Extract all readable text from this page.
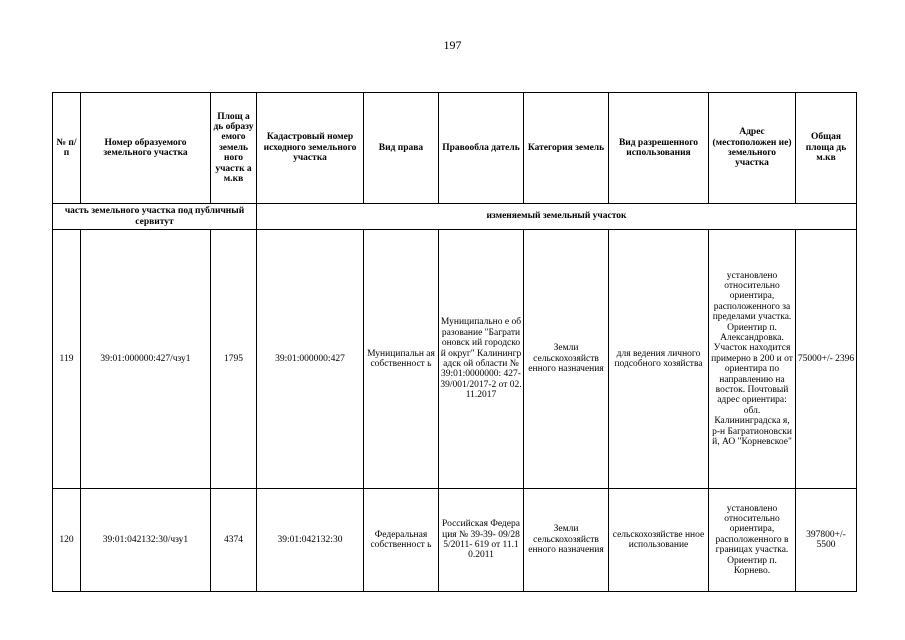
197
№ п/п	Номер образуемого земельного участка	Площ а дь образу емого земель ного участк а м.кв	Кадастровый номер исходного земельного участка	Вид права	Правообла датель	Категория земель	Вид разрешенного использования	Адрес (местоположен ие) земельного участка	Общая площа дь м.кв
часть земельного участка под публичный сервитут			изменяемый земельный участок						
119	39:01:000000:427/чзу1	1795	39:01:000000:427	Муниципальн ая собственност ь	Муниципально е образование "Багратионовск ий городской округ" Калининградск ой области № 39:01:0000000: 427- 39/001/2017-2 от 02.11.2017	Земли сельскохозяйств енного назначения	для ведения личного подсобного хозяйства	установлено относительно ориентира, расположенного за пределами участка. Ориентир п. Александровка. Участок находится примерно в 200 и от ориентира по направлению на восток. Почтовый адрес ориентира: обл. Калининградска я, р-н Багратионовски й, АО "Корневское"	75000+/- 2396
120	39:01:042132:30/чзу1	4374	39:01:042132:30	Федеральная собственност ь	Российская Федерация № 39-39- 09/285/2011- 619 от 11.10.2011	Земли сельскохозяйств енного назначения	сельскохозяйстве нное использование	установлено относительно ориентира, расположенного в границах участка. Ориентир п. Корнево.	397800+/- 5500
